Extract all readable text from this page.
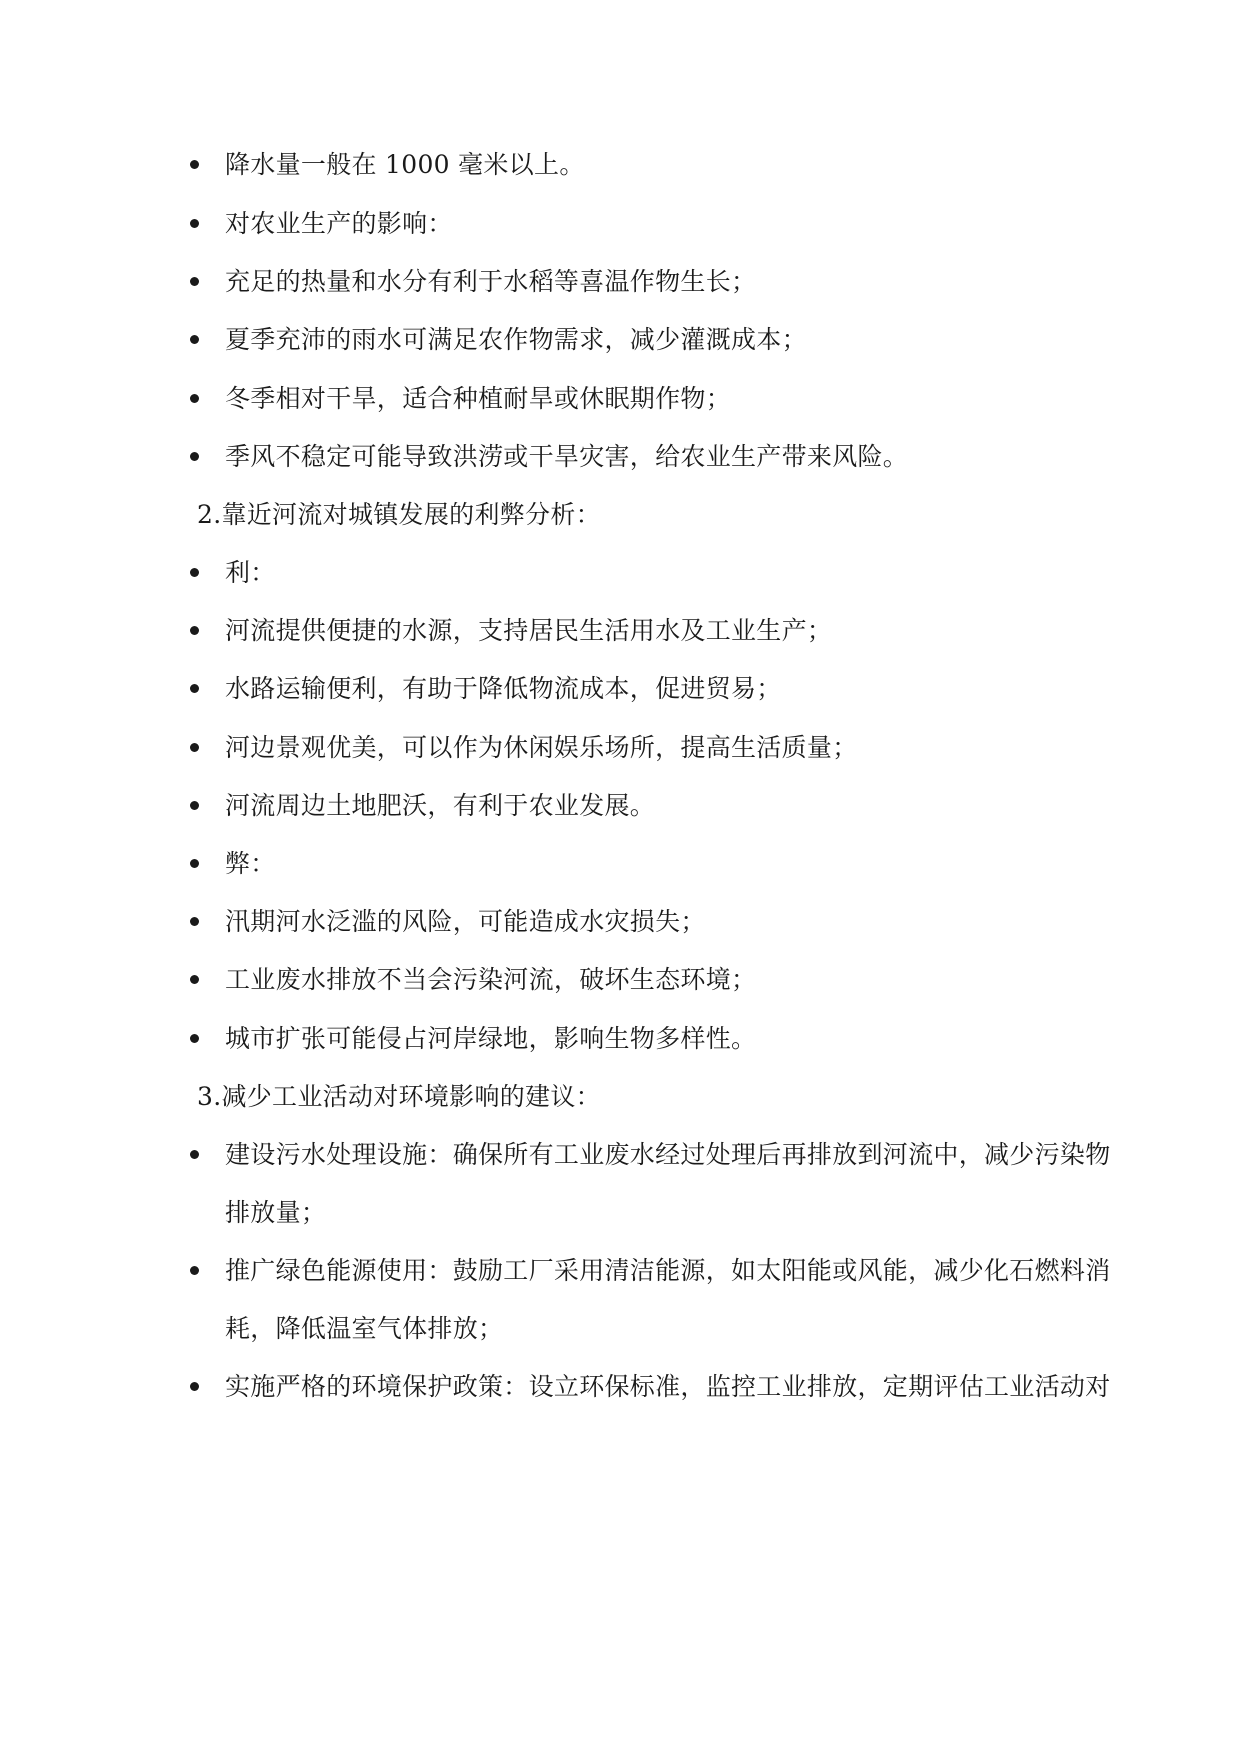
降水量一般在 1000 毫米以上。
对农业生产的影响：
充足的热量和水分有利于水稻等喜温作物生长；
夏季充沛的雨水可满足农作物需求，减少灌溉成本；
冬季相对干旱，适合种植耐旱或休眠期作物；
季风不稳定可能导致洪涝或干旱灾害，给农业生产带来风险。
2.靠近河流对城镇发展的利弊分析：
利：
河流提供便捷的水源，支持居民生活用水及工业生产；
水路运输便利，有助于降低物流成本，促进贸易；
河边景观优美，可以作为休闲娱乐场所，提高生活质量；
河流周边土地肥沃，有利于农业发展。
弊：
汛期河水泛滥的风险，可能造成水灾损失；
工业废水排放不当会污染河流，破坏生态环境；
城市扩张可能侵占河岸绿地，影响生物多样性。
3.减少工业活动对环境影响的建议：
建设污水处理设施：确保所有工业废水经过处理后再排放到河流中，减少污染物
排放量；
推广绿色能源使用：鼓励工厂采用清洁能源，如太阳能或风能，减少化石燃料消
耗，降低温室气体排放；
实施严格的环境保护政策：设立环保标准，监控工业排放，定期评估工业活动对
